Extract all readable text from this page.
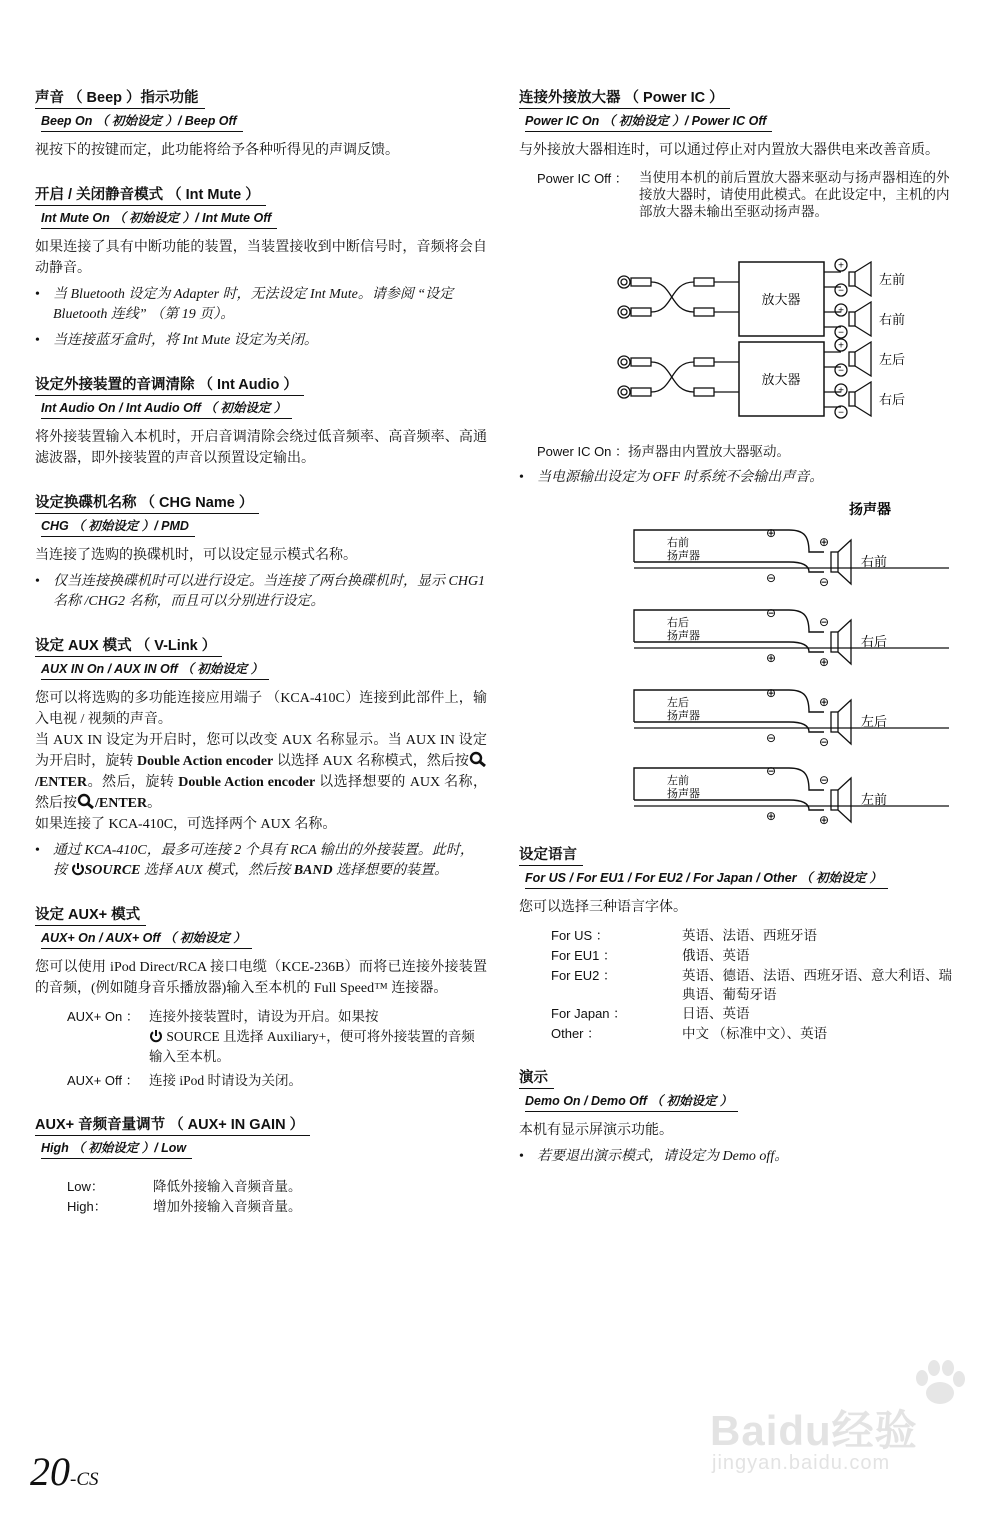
声音 （ Beep ）指示功能
Beep On （ 初始设定 ）/ Beep Off
视按下的按键而定，此功能将给予各种听得见的声调反馈。
开启 / 关闭静音模式 （ Int Mute ）
Int Mute On （ 初始设定 ）/ Int Mute Off
如果连接了具有中断功能的装置，当装置接收到中断信号时，音频将会自动静音。
• 当 Bluetooth 设定为 Adapter 时，无法设定 Int Mute。请参阅 “设定 Bluetooth 连线” （第 19 页）。
• 当连接蓝牙盒时，将 Int Mute 设定为关闭。
设定外接装置的音调清除 （ Int Audio ）
Int Audio On / Int Audio Off （ 初始设定 ）
将外接装置输入本机时，开启音调清除会绕过低音频率、高音频率、高通滤波器，即外接装置的声音以预置设定输出。
设定换碟机名称 （ CHG Name ）
CHG （ 初始设定 ）/ PMD
当连接了选购的换碟机时，可以设定显示模式名称。
• 仅当连接换碟机时可以进行设定。当连接了两台换碟机时，显示 CHG1 名称 /CHG2 名称，而且可以分别进行设定。
设定 AUX 模式 （ V-Link ）
AUX IN On / AUX IN Off （ 初始设定 ）
您可以将选购的多功能连接应用端子 （KCA-410C）连接到此部件上，输入电视 / 视频的声音。
当 AUX IN 设定为开启时，您可以改变 AUX 名称显示。当 AUX IN 设定为开启时，旋转 Double Action encoder 以选择 AUX 名称模式，然后按/ENTER。然后，旋转 Double Action encoder 以选择想要的 AUX 名称，然后按 /ENTER。
如果连接了 KCA-410C，可选择两个 AUX 名称。
• 通过 KCA-410C，最多可连接 2 个具有 RCA 输出的外接装置。此时，按 SOURCE 选择 AUX 模式，然后按 BAND 选择想要的装置。
设定 AUX+ 模式
AUX+ On / AUX+ Off （ 初始设定 ）
您可以使用 iPod Direct/RCA 接口电缆（KCE-236B）而将已连接外接装置的音频，(例如随身音乐播放器)输入至本机的 Full Speed™ 连接器。
AUX+ On ： 连接外接装置时，请设为开启。如果按
SOURCE 且选择 Auxiliary+，便可将外接装置的音频输入至本机。
AUX+ Off ： 连接 iPod 时请设为关闭。
AUX+ 音频音量调节 （ AUX+ IN GAIN ）
High （ 初始设定 ）/ Low
Low：	降低外接输入音频音量。
High：	增加外接输入音频音量。
连接外接放大器 （ Power IC ）
Power IC On （ 初始设定 ）/ Power IC Off
与外接放大器相连时，可以通过停止对内置放大器供电来改善音质。
Power IC Off ： 当使用本机的前后置放大器来驱动与扬声器相连的外接放大器时，请使用此模式。在此设定中，主机的内部放大器未输出至驱动扬声器。
+
−
+
−
+
−
+
−
放大器
放大器
左前
右前
左后
右后
Power IC On ： 扬声器由内置放大器驱动。
• 当电源输出设定为 OFF 时系统不会输出声音。
扬声器
右前
扬声器
⊕
⊖
⊕
⊖
右前
右后
扬声器
⊖
⊕
⊖
⊕
右后
左后
扬声器
⊕
⊖
⊕
⊖
左后
左前
扬声器
⊖
⊕
⊖
⊕
左前
设定语言
For US / For EU1 / For EU2 / For Japan / Other （ 初始设定 ）
您可以选择三种语言字体。
For US ：	英语、法语、西班牙语
For EU1 ：	俄语、英语
For EU2 ：	英语、德语、法语、西班牙语、意大利语、瑞典语、葡萄牙语
For Japan ：	日语、英语
Other ：	中文 （标准中文）、英语
演示
Demo On / Demo Off （ 初始设定 ）
本机有显示屏演示功能。
• 若要退出演示模式，请设定为 Demo off。
20-CS
Baidu经验
jingyan.baidu.com
